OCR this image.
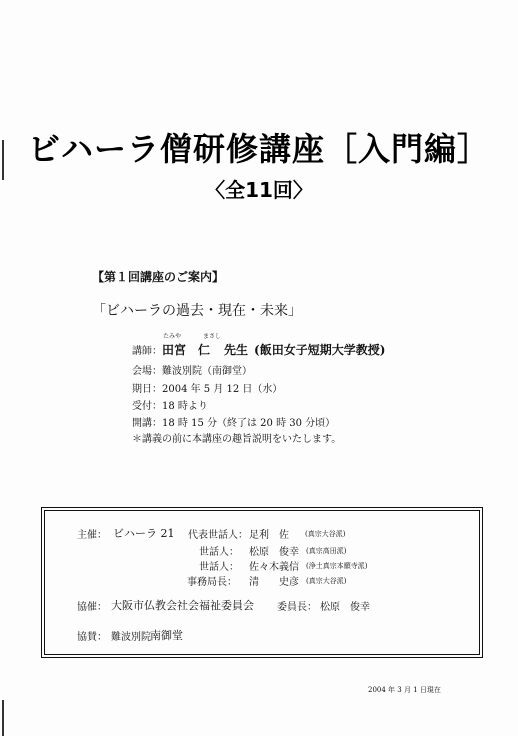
ビハーラ僧研修講座［入門編］
〈全11回〉
【第１回講座のご案内】
「ビハーラの過去・現在・未来」
たみや	まさし
講師：田宮　仁 先生 (飯田女子短期大学教授)
会場：難波別院（南御堂）
期日：2004 年 5 月 12 日（水）
受付：18 時より
開講：18 時 15 分（終了は 20 時 30 分頃）
＊講義の前に本講座の趣旨説明をいたします。
主催： ビハーラ 21 代表世話人： 足利　佐 (真宗大谷派)
世話人： 松原　俊幸 (真宗高田派)
世話人： 佐々木義信 (浄土真宗本願寺派)
事務局長： 清　　史彦 (真宗大谷派)
協催： 大阪市仏教会社会福祉委員会 委員長： 松原　俊幸
協賛： 難波別院 南御堂
2004 年 3 月 1 日現在
